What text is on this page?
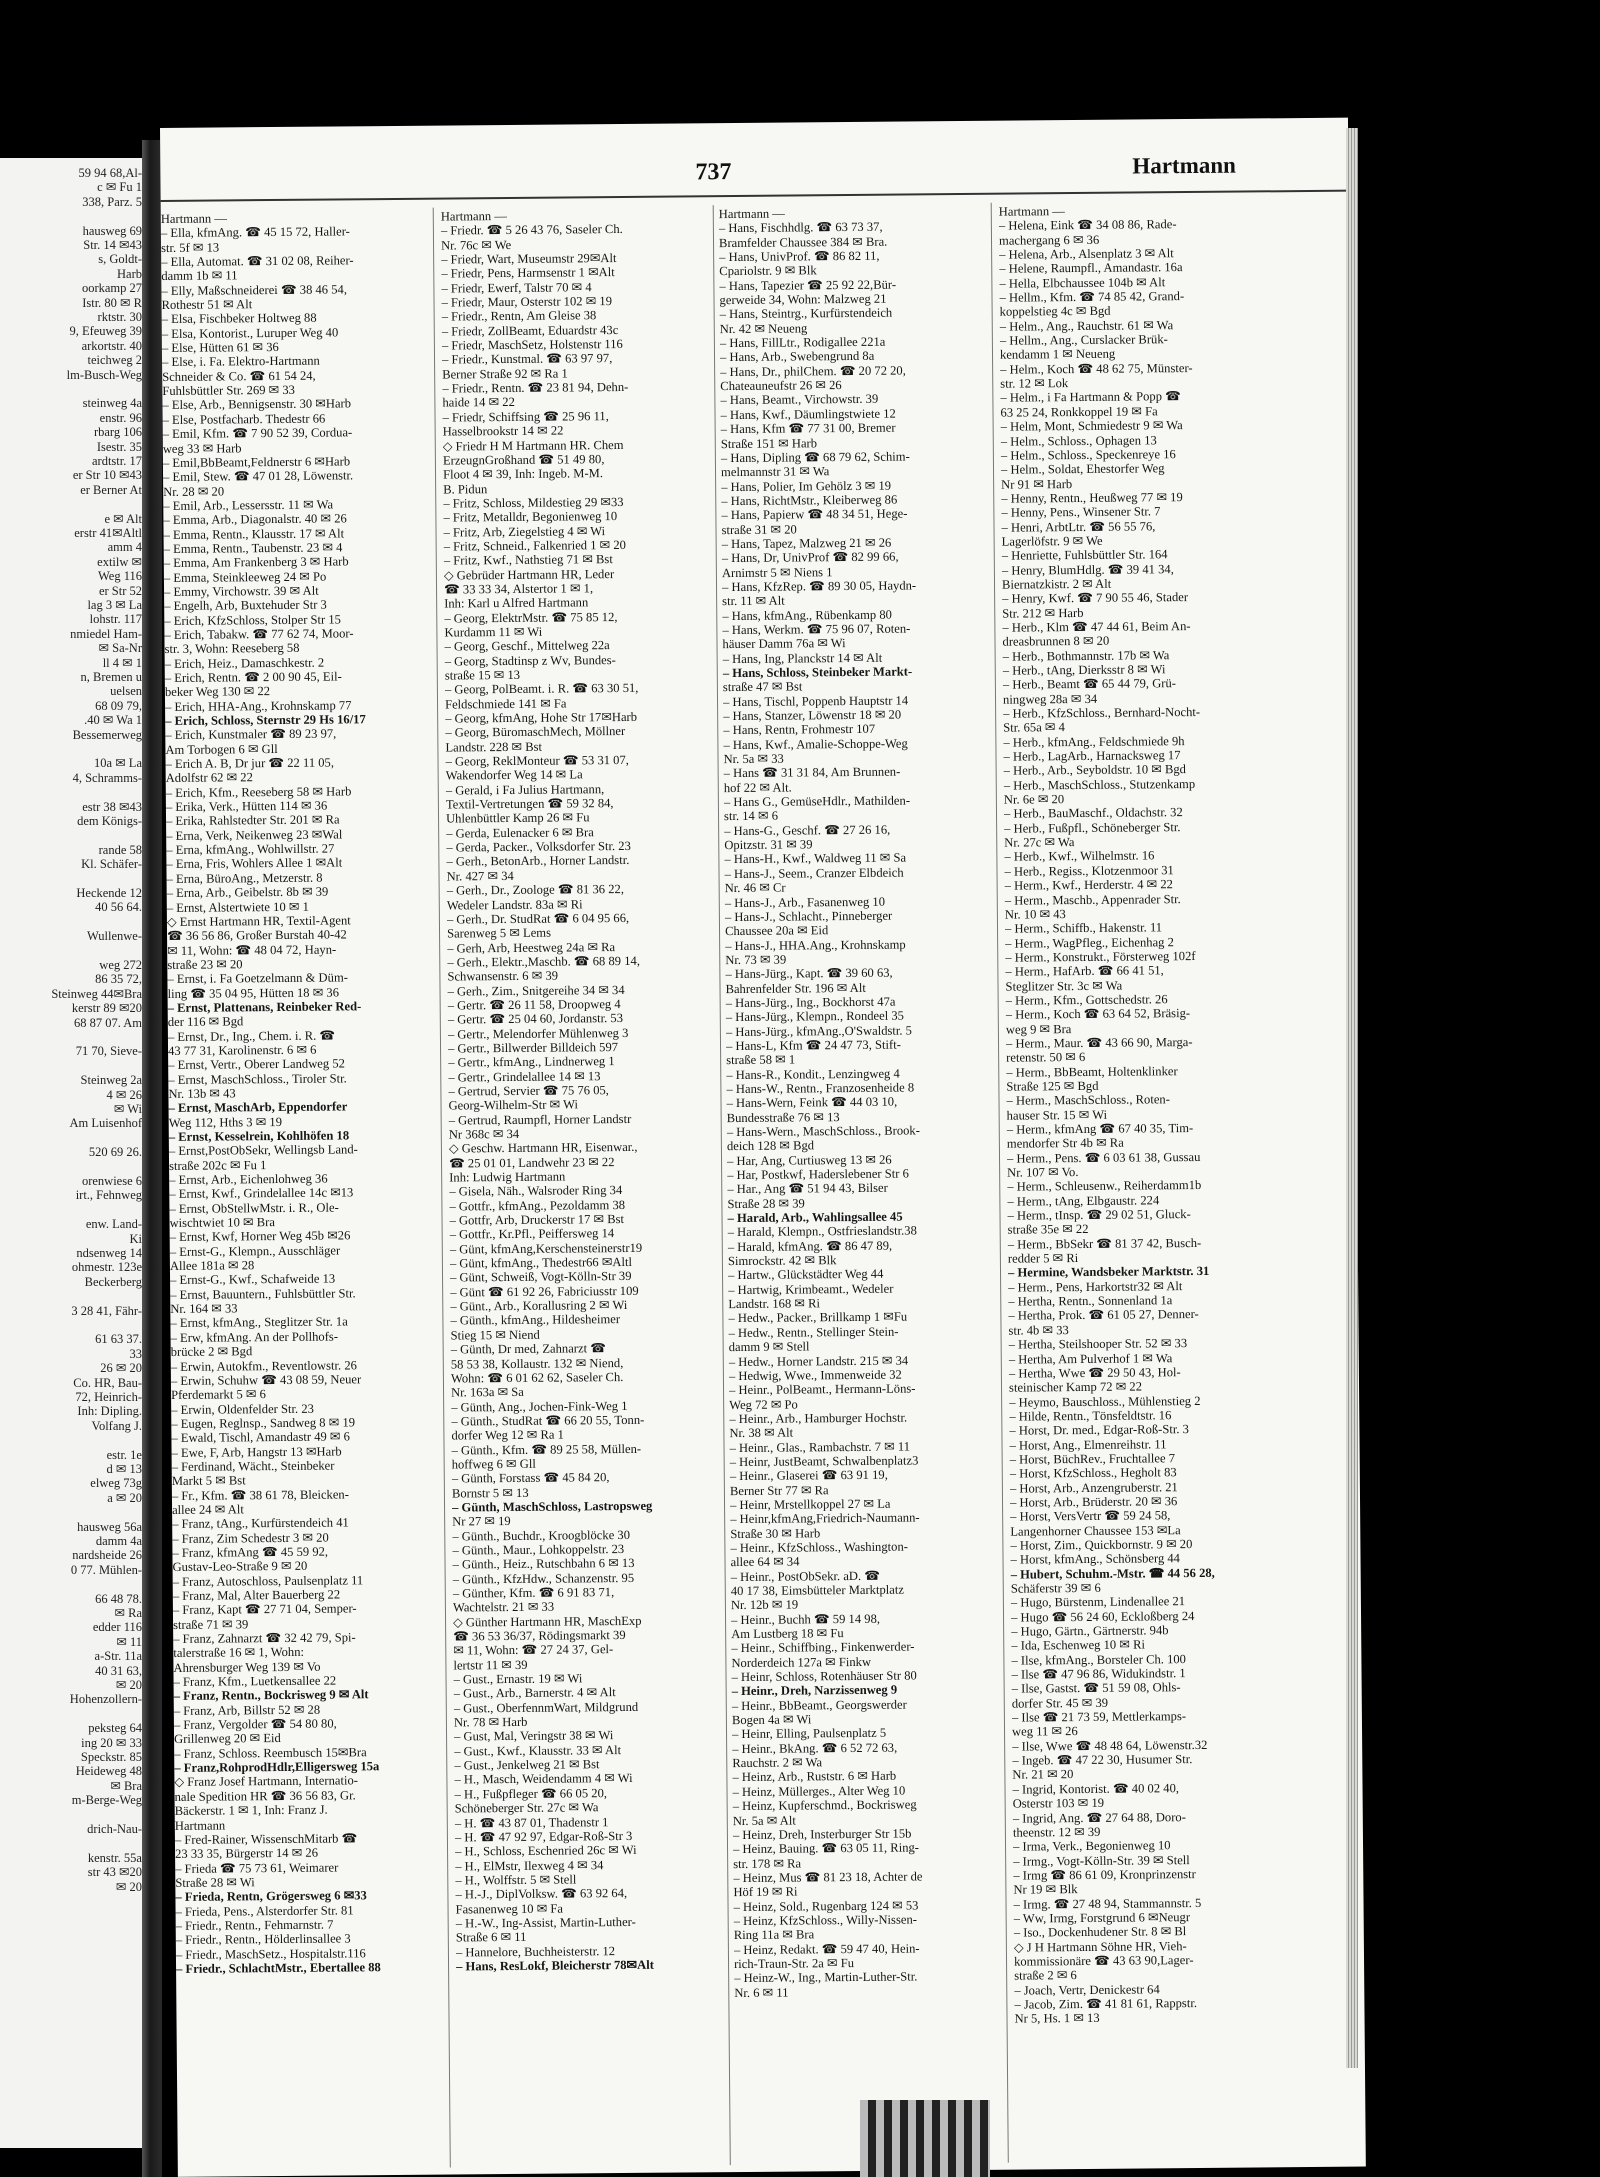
59 94 68,Al-
c ✉ Fu 1
338, Parz. 5
hausweg 69
Str. 14 ✉43
s, Goldt-
Harb
oorkamp 27
Istr. 80 ✉ R
rktstr. 30
9, Efeuweg 39
arkortstr. 40
teichweg 2
lm-Busch-Weg
steinweg 4a
enstr. 96
rbarg 106
Isestr. 35
ardtstr. 17
er Str 10 ✉43
er Berner At
e ✉ Alt
erstr 41✉Altl
amm 4
extilw ✉
Weg 116
er Str 52
lag 3 ✉ La
lohstr. 117
nmiedel Ham-
✉ Sa-Nr
ll 4 ✉ 1
n, Bremen u
uelsen
68 09 79,
.40 ✉ Wa 1
Bessemerweg
10a ✉ La
4, Schramms-
estr 38 ✉43
dem Königs-
rande 58
Kl. Schäfer-
Heckende 12
40 56 64.
Wullenwe-
weg 272
86 35 72,
Steinweg 44✉Bra
kerstr 89 ✉20
68 87 07. Am
71 70, Sieve-
Steinweg 2a
4 ✉ 26
✉ Wi
Am Luisenhof
520 69 26.
orenwiese 6
irt., Fehnweg
enw. Land-
Ki
ndsenweg 14
ohmestr. 123e
Beckerberg
3 28 41, Fähr-
61 63 37.
33
26 ✉ 20
Co. HR, Bau-
72, Heinrich-
Inh: Dipling.
Volfang J.
estr. 1e
d ✉ 13
elweg 73g
a ✉ 20
hausweg 56a
damm 4a
nardsheide 26
0 77. Mühlen-
66 48 78.
✉ Ra
edder 116
✉ 11
a-Str. 11a
40 31 63,
✉ 20
Hohenzollern-
peksteg 64
ing 20 ✉ 33
Speckstr. 85
Heideweg 48
✉ Bra
m-Berge-Weg
drich-Nau-
kenstr. 55a
str 43 ✉20
✉ 20
737	Hartmann
Hartmann —
– Ella, kfmAng. ☎ 45 15 72, Haller-
str. 5f ✉ 13
– Ella, Automat. ☎ 31 02 08, Reiher-
damm 1b ✉ 11
– Elly, Maßschneiderei ☎ 38 46 54,
Rothestr 51 ✉ Alt
– Elsa, Fischbeker Holtweg 88
– Elsa, Kontorist., Luruper Weg 40
– Else, Hütten 61 ✉ 36
– Else, i. Fa. Elektro-Hartmann
Schneider & Co. ☎ 61 54 24,
Fuhlsbüttler Str. 269 ✉ 33
– Else, Arb., Bennigsenstr. 30 ✉Harb
– Else, Postfacharb. Thedestr 66
– Emil, Kfm. ☎ 7 90 52 39, Cordua-
weg 33 ✉ Harb
– Emil,BbBeamt,Feldnerstr 6 ✉Harb
– Emil, Stew. ☎ 47 01 28, Löwenstr.
Nr. 28 ✉ 20
– Emil, Arb., Lessersstr. 11 ✉ Wa
– Emma, Arb., Diagonalstr. 40 ✉ 26
– Emma, Rentn., Klausstr. 17 ✉ Alt
– Emma, Rentn., Taubenstr. 23 ✉ 4
– Emma, Am Frankenberg 3 ✉ Harb
– Emma, Steinkleeweg 24 ✉ Po
– Emmy, Virchowstr. 39 ✉ Alt
– Engelh, Arb, Buxtehuder Str 3
– Erich, KfzSchloss, Stolper Str 15
– Erich, Tabakw. ☎ 77 62 74, Moor-
str. 3, Wohn: Reeseberg 58
– Erich, Heiz., Damaschkestr. 2
– Erich, Rentn. ☎ 2 00 90 45, Eil-
beker Weg 130 ✉ 22
– Erich, HHA-Ang., Krohnskamp 77
– Erich, Schloss, Sternstr 29 Hs 16/17
– Erich, Kunstmaler ☎ 89 23 97,
Am Torbogen 6 ✉ Gll
– Erich A. B, Dr jur ☎ 22 11 05,
Adolfstr 62 ✉ 22
– Erich, Kfm., Reeseberg 58 ✉ Harb
– Erika, Verk., Hütten 114 ✉ 36
– Erika, Rahlstedter Str. 201 ✉ Ra
– Erna, Verk, Neikenweg 23 ✉Wal
– Erna, kfmAng., Wohlwillstr. 27
– Erna, Fris, Wohlers Allee 1 ✉Alt
– Erna, BüroAng., Metzerstr. 8
– Erna, Arb., Geibelstr. 8b ✉ 39
– Ernst, Alstertwiete 10 ✉ 1
◇ Ernst Hartmann HR, Textil-Agent
☎ 36 56 86, Großer Burstah 40-42
✉ 11, Wohn: ☎ 48 04 72, Hayn-
straße 23 ✉ 20
– Ernst, i. Fa Goetzelmann & Düm-
ling ☎ 35 04 95, Hütten 18 ✉ 36
– Ernst, Plattenans, Reinbeker Red-
der 116 ✉ Bgd
– Ernst, Dr., Ing., Chem. i. R. ☎
43 77 31, Karolinenstr. 6 ✉ 6
– Ernst, Vertr., Oberer Landweg 52
– Ernst, MaschSchloss., Tiroler Str.
Nr. 13b ✉ 43
– Ernst, MaschArb, Eppendorfer
Weg 112, Hths 3 ✉ 19
– Ernst, Kesselrein, Kohlhöfen 18
– Ernst,PostObSekr, Wellingsb Land-
straße 202c ✉ Fu 1
– Ernst, Arb., Eichenlohweg 36
– Ernst, Kwf., Grindelallee 14c ✉13
– Ernst, ObStellwMstr. i. R., Ole-
wischtwiet 10 ✉ Bra
– Ernst, Kwf, Horner Weg 45b ✉26
– Ernst-G., Klempn., Ausschläger
Allee 181a ✉ 28
– Ernst-G., Kwf., Schafweide 13
– Ernst, Bauuntern., Fuhlsbüttler Str.
Nr. 164 ✉ 33
– Ernst, kfmAng., Steglitzer Str. 1a
– Erw, kfmAng. An der Pollhofs-
brücke 2 ✉ Bgd
– Erwin, Autokfm., Reventlowstr. 26
– Erwin, Schuhw ☎ 43 08 59, Neuer
Pferdemarkt 5 ✉ 6
– Erwin, Oldenfelder Str. 23
– Eugen, Reglnsp., Sandweg 8 ✉ 19
– Ewald, Tischl, Amandastr 49 ✉ 6
– Ewe, F, Arb, Hangstr 13 ✉Harb
– Ferdinand, Wächt., Steinbeker
Markt 5 ✉ Bst
– Fr., Kfm. ☎ 38 61 78, Bleicken-
allee 24 ✉ Alt
– Franz, tAng., Kurfürstendeich 41
– Franz, Zim Schedestr 3 ✉ 20
– Franz, kfmAng ☎ 45 59 92,
Gustav-Leo-Straße 9 ✉ 20
– Franz, Autoschloss, Paulsenplatz 11
– Franz, Mal, Alter Bauerberg 22
– Franz, Kapt ☎ 27 71 04, Semper-
straße 71 ✉ 39
– Franz, Zahnarzt ☎ 32 42 79, Spi-
talerstraße 16 ✉ 1, Wohn:
Ahrensburger Weg 139 ✉ Vo
– Franz, Kfm., Luetkensallee 22
– Franz, Rentn., Bockrisweg 9 ✉ Alt
– Franz, Arb, Billstr 52 ✉ 28
– Franz, Vergolder ☎ 54 80 80,
Grillenweg 20 ✉ Eid
– Franz, Schloss. Reembusch 15✉Bra
– Franz,RohprodHdlr,Elligersweg 15a
◇ Franz Josef Hartmann, Internatio-
nale Spedition HR ☎ 36 56 83, Gr.
Bäckerstr. 1 ✉ 1, Inh: Franz J.
Hartmann
– Fred-Rainer, WissenschMitarb ☎
23 33 35, Bürgerstr 14 ✉ 26
– Frieda ☎ 75 73 61, Weimarer
Straße 28 ✉ Wi
– Frieda, Rentn, Grögersweg 6 ✉33
– Frieda, Pens., Alsterdorfer Str. 81
– Friedr., Rentn., Fehmarnstr. 7
– Friedr., Rentn., Hölderlinsallee 3
– Friedr., MaschSetz., Hospitalstr.116
– Friedr., SchlachtMstr., Ebertallee 88
Hartmann —
– Friedr. ☎ 5 26 43 76, Saseler Ch.
Nr. 76c ✉ We
– Friedr, Wart, Museumstr 29✉Alt
– Friedr, Pens, Harmsenstr 1 ✉Alt
– Friedr, Ewerf, Talstr 70 ✉ 4
– Friedr, Maur, Osterstr 102 ✉ 19
– Friedr., Rentn, Am Gleise 38
– Friedr, ZollBeamt, Eduardstr 43c
– Friedr, MaschSetz, Holstenstr 116
– Friedr., Kunstmal. ☎ 63 97 97,
Berner Straße 92 ✉ Ra 1
– Friedr., Rentn. ☎ 23 81 94, Dehn-
haide 14 ✉ 22
– Friedr, Schiffsing ☎ 25 96 11,
Hasselbrookstr 14 ✉ 22
◇ Friedr H M Hartmann HR. Chem
ErzeugnGroßhand ☎ 51 49 80,
Floot 4 ✉ 39, Inh: Ingeb. M-M.
B. Pidun
– Fritz, Schloss, Mildestieg 29 ✉33
– Fritz, Metalldr, Begonienweg 10
– Fritz, Arb, Ziegelstieg 4 ✉ Wi
– Fritz, Schneid., Falkenried 1 ✉ 20
– Fritz, Kwf., Nathstieg 71 ✉ Bst
◇ Gebrüder Hartmann HR, Leder
☎ 33 33 34, Alstertor 1 ✉ 1,
Inh: Karl u Alfred Hartmann
– Georg, ElektrMstr. ☎ 75 85 12,
Kurdamm 11 ✉ Wi
– Georg, Geschf., Mittelweg 22a
– Georg, Stadtinsp z Wv, Bundes-
straße 15 ✉ 13
– Georg, PolBeamt. i. R. ☎ 63 30 51,
Feldschmiede 141 ✉ Fa
– Georg, kfmAng, Hohe Str 17✉Harb
– Georg, BüromaschMech, Möllner
Landstr. 228 ✉ Bst
– Georg, ReklMonteur ☎ 53 31 07,
Wakendorfer Weg 14 ✉ La
– Gerald, i Fa Julius Hartmann,
Textil-Vertretungen ☎ 59 32 84,
Uhlenbüttler Kamp 26 ✉ Fu
– Gerda, Eulenacker 6 ✉ Bra
– Gerda, Packer., Volksdorfer Str. 23
– Gerh., BetonArb., Horner Landstr.
Nr. 427 ✉ 34
– Gerh., Dr., Zoologe ☎ 81 36 22,
Wedeler Landstr. 83a ✉ Ri
– Gerh., Dr. StudRat ☎ 6 04 95 66,
Sarenweg 5 ✉ Lems
– Gerh, Arb, Heestweg 24a ✉ Ra
– Gerh., Elektr.,Maschb. ☎ 68 89 14,
Schwansenstr. 6 ✉ 39
– Gerh., Zim., Snitgereihe 34 ✉ 34
– Gertr. ☎ 26 11 58, Droopweg 4
– Gertr. ☎ 25 04 60, Jordanstr. 53
– Gertr., Melendorfer Mühlenweg 3
– Gertr., Billwerder Billdeich 597
– Gertr., kfmAng., Lindnerweg 1
– Gertr., Grindelallee 14 ✉ 13
– Gertrud, Servier ☎ 75 76 05,
Georg-Wilhelm-Str ✉ Wi
– Gertrud, Raumpfl, Horner Landstr
Nr 368c ✉ 34
◇ Geschw. Hartmann HR, Eisenwar.,
☎ 25 01 01, Landwehr 23 ✉ 22
Inh: Ludwig Hartmann
– Gisela, Näh., Walsroder Ring 34
– Gottfr., kfmAng., Pezoldamm 38
– Gottfr, Arb, Druckerstr 17 ✉ Bst
– Gottfr., Kr.Pfl., Peiffersweg 14
– Günt, kfmAng,Kerschensteinerstr19
– Günt, kfmAng., Thedestr66 ✉Altl
– Günt, Schweiß, Vogt-Kölln-Str 39
– Günt ☎ 61 92 26, Fabriciusstr 109
– Günt., Arb., Korallusring 2 ✉ Wi
– Günth., kfmAng., Hildesheimer
Stieg 15 ✉ Niend
– Günth, Dr med, Zahnarzt ☎
58 53 38, Kollaustr. 132 ✉ Niend,
Wohn: ☎ 6 01 62 62, Saseler Ch.
Nr. 163a ✉ Sa
– Günth, Ang., Jochen-Fink-Weg 1
– Günth., StudRat ☎ 66 20 55, Tonn-
dorfer Weg 12 ✉ Ra 1
– Günth., Kfm. ☎ 89 25 58, Müllen-
hoffweg 6 ✉ Gll
– Günth, Forstass ☎ 45 84 20,
Bornstr 5 ✉ 13
– Günth, MaschSchloss, Lastropsweg
Nr 27 ✉ 19
– Günth., Buchdr., Kroogblöcke 30
– Günth., Maur., Lohkoppelstr. 23
– Günth., Heiz., Rutschbahn 6 ✉ 13
– Günth., KfzHdw., Schanzenstr. 95
– Günther, Kfm. ☎ 6 91 83 71,
Wachtelstr. 21 ✉ 33
◇ Günther Hartmann HR, MaschExp
☎ 36 53 36/37, Rödingsmarkt 39
✉ 11, Wohn: ☎ 27 24 37, Gel-
lertstr 11 ✉ 39
– Gust., Ernastr. 19 ✉ Wi
– Gust., Arb., Barnerstr. 4 ✉ Alt
– Gust., OberfennmWart, Mildgrund
Nr. 78 ✉ Harb
– Gust, Mal, Veringstr 38 ✉ Wi
– Gust., Kwf., Klausstr. 33 ✉ Alt
– Gust., Jenkelweg 21 ✉ Bst
– H., Masch, Weidendamm 4 ✉ Wi
– H., Fußpfleger ☎ 66 05 20,
Schöneberger Str. 27c ✉ Wa
– H. ☎ 43 87 01, Thadenstr 1
– H. ☎ 47 92 97, Edgar-Roß-Str 3
– H., Schloss, Eschenried 26c ✉ Wi
– H., ElMstr, Ilexweg 4 ✉ 34
– H., Wolffstr. 5 ✉ Stell
– H.-J., DiplVolksw. ☎ 63 92 64,
Fasanenweg 10 ✉ Fa
– H.-W., Ing-Assist, Martin-Luther-
Straße 6 ✉ 11
– Hannelore, Buchheisterstr. 12
– Hans, ResLokf, Bleicherstr 78✉Alt
Hartmann —
– Hans, Fischhdlg. ☎ 63 73 37,
Bramfelder Chaussee 384 ✉ Bra.
– Hans, UnivProf. ☎ 86 82 11,
Cpariolstr. 9 ✉ Blk
– Hans, Tapezier ☎ 25 92 22,Bür-
gerweide 34, Wohn: Malzweg 21
– Hans, Steintrg., Kurfürstendeich
Nr. 42 ✉ Neueng
– Hans, FillLtr., Rodigallee 221a
– Hans, Arb., Swebengrund 8a
– Hans, Dr., philChem. ☎ 20 72 20,
Chateauneufstr 26 ✉ 26
– Hans, Beamt., Virchowstr. 39
– Hans, Kwf., Däumlingstwiete 12
– Hans, Kfm ☎ 77 31 00, Bremer
Straße 151 ✉ Harb
– Hans, Dipling ☎ 68 79 62, Schim-
melmannstr 31 ✉ Wa
– Hans, Polier, Im Gehölz 3 ✉ 19
– Hans, RichtMstr., Kleiberweg 86
– Hans, Papierw ☎ 48 34 51, Hege-
straße 31 ✉ 20
– Hans, Tapez, Malzweg 21 ✉ 26
– Hans, Dr, UnivProf ☎ 82 99 66,
Arnimstr 5 ✉ Niens 1
– Hans, KfzRep. ☎ 89 30 05, Haydn-
str. 11 ✉ Alt
– Hans, kfmAng., Rübenkamp 80
– Hans, Werkm. ☎ 75 96 07, Roten-
häuser Damm 76a ✉ Wi
– Hans, Ing, Planckstr 14 ✉ Alt
– Hans, Schloss, Steinbeker Markt-
straße 47 ✉ Bst
– Hans, Tischl, Poppenb Hauptstr 14
– Hans, Stanzer, Löwenstr 18 ✉ 20
– Hans, Rentn, Frohmestr 107
– Hans, Kwf., Amalie-Schoppe-Weg
Nr. 5a ✉ 33
– Hans ☎ 31 31 84, Am Brunnen-
hof 22 ✉ Alt.
– Hans G., GemüseHdlr., Mathilden-
str. 14 ✉ 6
– Hans-G., Geschf. ☎ 27 26 16,
Opitzstr. 31 ✉ 39
– Hans-H., Kwf., Waldweg 11 ✉ Sa
– Hans-J., Seem., Cranzer Elbdeich
Nr. 46 ✉ Cr
– Hans-J., Arb., Fasanenweg 10
– Hans-J., Schlacht., Pinneberger
Chaussee 20a ✉ Eid
– Hans-J., HHA.Ang., Krohnskamp
Nr. 73 ✉ 39
– Hans-Jürg., Kapt. ☎ 39 60 63,
Bahrenfelder Str. 196 ✉ Alt
– Hans-Jürg., Ing., Bockhorst 47a
– Hans-Jürg., Klempn., Rondeel 35
– Hans-Jürg., kfmAng.,O'Swaldstr. 5
– Hans-L, Kfm ☎ 24 47 73, Stift-
straße 58 ✉ 1
– Hans-R., Kondit., Lenzingweg 4
– Hans-W., Rentn., Franzosenheide 8
– Hans-Wern, Feink ☎ 44 03 10,
Bundesstraße 76 ✉ 13
– Hans-Wern., MaschSchloss., Brook-
deich 128 ✉ Bgd
– Har, Ang, Curtiusweg 13 ✉ 26
– Har, Postkwf, Haderslebener Str 6
– Har., Ang ☎ 51 94 43, Bilser
Straße 28 ✉ 39
– Harald, Arb., Wahlingsallee 45
– Harald, Klempn., Ostfrieslandstr.38
– Harald, kfmAng. ☎ 86 47 89,
Simrockstr. 42 ✉ Blk
– Hartw., Glückstädter Weg 44
– Hartwig, Krimbeamt., Wedeler
Landstr. 168 ✉ Ri
– Hedw., Packer., Brillkamp 1 ✉Fu
– Hedw., Rentn., Stellinger Stein-
damm 9 ✉ Stell
– Hedw., Horner Landstr. 215 ✉ 34
– Hedwig, Wwe., Immenweide 32
– Heinr., PolBeamt., Hermann-Löns-
Weg 72 ✉ Po
– Heinr., Arb., Hamburger Hochstr.
Nr. 38 ✉ Alt
– Heinr., Glas., Rambachstr. 7 ✉ 11
– Heinr, JustBeamt, Schwalbenplatz3
– Heinr., Glaserei ☎ 63 91 19,
Berner Str 77 ✉ Ra
– Heinr, Mrstellkoppel 27 ✉ La
– Heinr,kfmAng,Friedrich-Naumann-
Straße 30 ✉ Harb
– Heinr., KfzSchloss., Washington-
allee 64 ✉ 34
– Heinr., PostObSekr. aD. ☎
40 17 38, Eimsbütteler Marktplatz
Nr. 12b ✉ 19
– Heinr., Buchh ☎ 59 14 98,
Am Lustberg 18 ✉ Fu
– Heinr., Schiffbing., Finkenwerder-
Norderdeich 127a ✉ Finkw
– Heinr, Schloss, Rotenhäuser Str 80
– Heinr., Dreh, Narzissenweg 9
– Heinr., BbBeamt., Georgswerder
Bogen 4a ✉ Wi
– Heinr, Elling, Paulsenplatz 5
– Heinr., BkAng. ☎ 6 52 72 63,
Rauchstr. 2 ✉ Wa
– Heinz, Arb., Ruststr. 6 ✉ Harb
– Heinz, Müllerges., Alter Weg 10
– Heinz, Kupferschmd., Bockrisweg
Nr. 5a ✉ Alt
– Heinz, Dreh, Insterburger Str 15b
– Heinz, Bauing. ☎ 63 05 11, Ring-
str. 178 ✉ Ra
– Heinz, Mus ☎ 81 23 18, Achter de
Höf 19 ✉ Ri
– Heinz, Sold., Rugenbarg 124 ✉ 53
– Heinz, KfzSchloss., Willy-Nissen-
Ring 11a ✉ Bra
– Heinz, Redakt. ☎ 59 47 40, Hein-
rich-Traun-Str. 2a ✉ Fu
– Heinz-W., Ing., Martin-Luther-Str.
Nr. 6 ✉ 11
Hartmann —
– Helena, Eink ☎ 34 08 86, Rade-
machergang 6 ✉ 36
– Helena, Arb., Alsenplatz 3 ✉ Alt
– Helene, Raumpfl., Amandastr. 16a
– Hella, Elbchaussee 104b ✉ Alt
– Hellm., Kfm. ☎ 74 85 42, Grand-
koppelstieg 4c ✉ Bgd
– Helm., Ang., Rauchstr. 61 ✉ Wa
– Hellm., Ang., Curslacker Brük-
kendamm 1 ✉ Neueng
– Helm., Koch ☎ 48 62 75, Münster-
str. 12 ✉ Lok
– Helm., i Fa Hartmann & Popp ☎
63 25 24, Ronkkoppel 19 ✉ Fa
– Helm, Mont, Schmiedestr 9 ✉ Wa
– Helm., Schloss., Ophagen 13
– Helm., Schloss., Speckenreye 16
– Helm., Soldat, Ehestorfer Weg
Nr 91 ✉ Harb
– Henny, Rentn., Heußweg 77 ✉ 19
– Henny, Pens., Winsener Str. 7
– Henri, ArbtLtr. ☎ 56 55 76,
Lagerlöfstr. 9 ✉ We
– Henriette, Fuhlsbüttler Str. 164
– Henry, BlumHdlg. ☎ 39 41 34,
Biernatzkistr. 2 ✉ Alt
– Henry, Kwf. ☎ 7 90 55 46, Stader
Str. 212 ✉ Harb
– Herb., Klm ☎ 47 44 61, Beim An-
dreasbrunnen 8 ✉ 20
– Herb., Bothmannstr. 17b ✉ Wa
– Herb., tAng, Dierksstr 8 ✉ Wi
– Herb., Beamt ☎ 65 44 79, Grü-
ningweg 28a ✉ 34
– Herb., KfzSchloss., Bernhard-Nocht-
Str. 65a ✉ 4
– Herb., kfmAng., Feldschmiede 9h
– Herb., LagArb., Harnacksweg 17
– Herb., Arb., Seyboldstr. 10 ✉ Bgd
– Herb., MaschSchloss., Stutzenkamp
Nr. 6e ✉ 20
– Herb., BauMaschf., Oldachstr. 32
– Herb., Fußpfl., Schöneberger Str.
Nr. 27c ✉ Wa
– Herb., Kwf., Wilhelmstr. 16
– Herb., Regiss., Klotzenmoor 31
– Herm., Kwf., Herderstr. 4 ✉ 22
– Herm., Maschb., Appenrader Str.
Nr. 10 ✉ 43
– Herm., Schiffb., Hakenstr. 11
– Herm., WagPfleg., Eichenhag 2
– Herm., Konstrukt., Försterweg 102f
– Herm., HafArb. ☎ 66 41 51,
Steglitzer Str. 3c ✉ Wa
– Herm., Kfm., Gottschedstr. 26
– Herm., Koch ☎ 63 64 52, Bräsig-
weg 9 ✉ Bra
– Herm., Maur. ☎ 43 66 90, Marga-
retenstr. 50 ✉ 6
– Herm., BbBeamt, Holtenklinker
Straße 125 ✉ Bgd
– Herm., MaschSchloss., Roten-
hauser Str. 15 ✉ Wi
– Herm., kfmAng ☎ 67 40 35, Tim-
mendorfer Str 4b ✉ Ra
– Herm., Pens. ☎ 6 03 61 38, Gussau
Nr. 107 ✉ Vo.
– Herm., Schleusenw., Reiherdamm1b
– Herm., tAng, Elbgaustr. 224
– Herm., tInsp. ☎ 29 02 51, Gluck-
straße 35e ✉ 22
– Herm., BbSekr ☎ 81 37 42, Busch-
redder 5 ✉ Ri
– Hermine, Wandsbeker Marktstr. 31
– Herm., Pens, Harkortstr32 ✉ Alt
– Hertha, Rentn., Sonnenland 1a
– Hertha, Prok. ☎ 61 05 27, Denner-
str. 4b ✉ 33
– Hertha, Steilshooper Str. 52 ✉ 33
– Hertha, Am Pulverhof 1 ✉ Wa
– Hertha, Wwe ☎ 29 50 43, Hol-
steinischer Kamp 72 ✉ 22
– Heymo, Bauschloss., Mühlenstieg 2
– Hilde, Rentn., Tönsfeldtstr. 16
– Horst, Dr. med., Edgar-Roß-Str. 3
– Horst, Ang., Elmenreihstr. 11
– Horst, BüchRev., Fruchtallee 7
– Horst, KfzSchloss., Hegholt 83
– Horst, Arb., Anzengruberstr. 21
– Horst, Arb., Brüderstr. 20 ✉ 36
– Horst, VersVertr ☎ 59 24 58,
Langenhorner Chaussee 153 ✉La
– Horst, Zim., Quickbornstr. 9 ✉ 20
– Horst, kfmAng., Schönsberg 44
– Hubert, Schuhm.-Mstr. ☎ 44 56 28,
Schäferstr 39 ✉ 6
– Hugo, Bürstenm, Lindenallee 21
– Hugo ☎ 56 24 60, Eckloßberg 24
– Hugo, Gärtn., Gärtnerstr. 94b
– Ida, Eschenweg 10 ✉ Ri
– Ilse, kfmAng., Borsteler Ch. 100
– Ilse ☎ 47 96 86, Widukindstr. 1
– Ilse, Gastst. ☎ 51 59 08, Ohls-
dorfer Str. 45 ✉ 39
– Ilse ☎ 21 73 59, Mettlerkamps-
weg 11 ✉ 26
– Ilse, Wwe ☎ 48 48 64, Löwenstr.32
– Ingeb. ☎ 47 22 30, Husumer Str.
Nr. 21 ✉ 20
– Ingrid, Kontorist. ☎ 40 02 40,
Osterstr 103 ✉ 19
– Ingrid, Ang. ☎ 27 64 88, Doro-
theenstr. 12 ✉ 39
– Irma, Verk., Begonienweg 10
– Irmg., Vogt-Kölln-Str. 39 ✉ Stell
– Irmg ☎ 86 61 09, Kronprinzenstr
Nr 19 ✉ Blk
– Irmg. ☎ 27 48 94, Stammannstr. 5
– Ww, Irmg, Forstgrund 6 ✉Neugr
– Iso., Dockenhudener Str. 8 ✉ Bl
◇ J H Hartmann Söhne HR, Vieh-
kommissionäre ☎ 43 63 90,Lager-
straße 2 ✉ 6
– Joach, Vertr, Denickestr 64
– Jacob, Zim. ☎ 41 81 61, Rappstr.
Nr 5, Hs. 1 ✉ 13
